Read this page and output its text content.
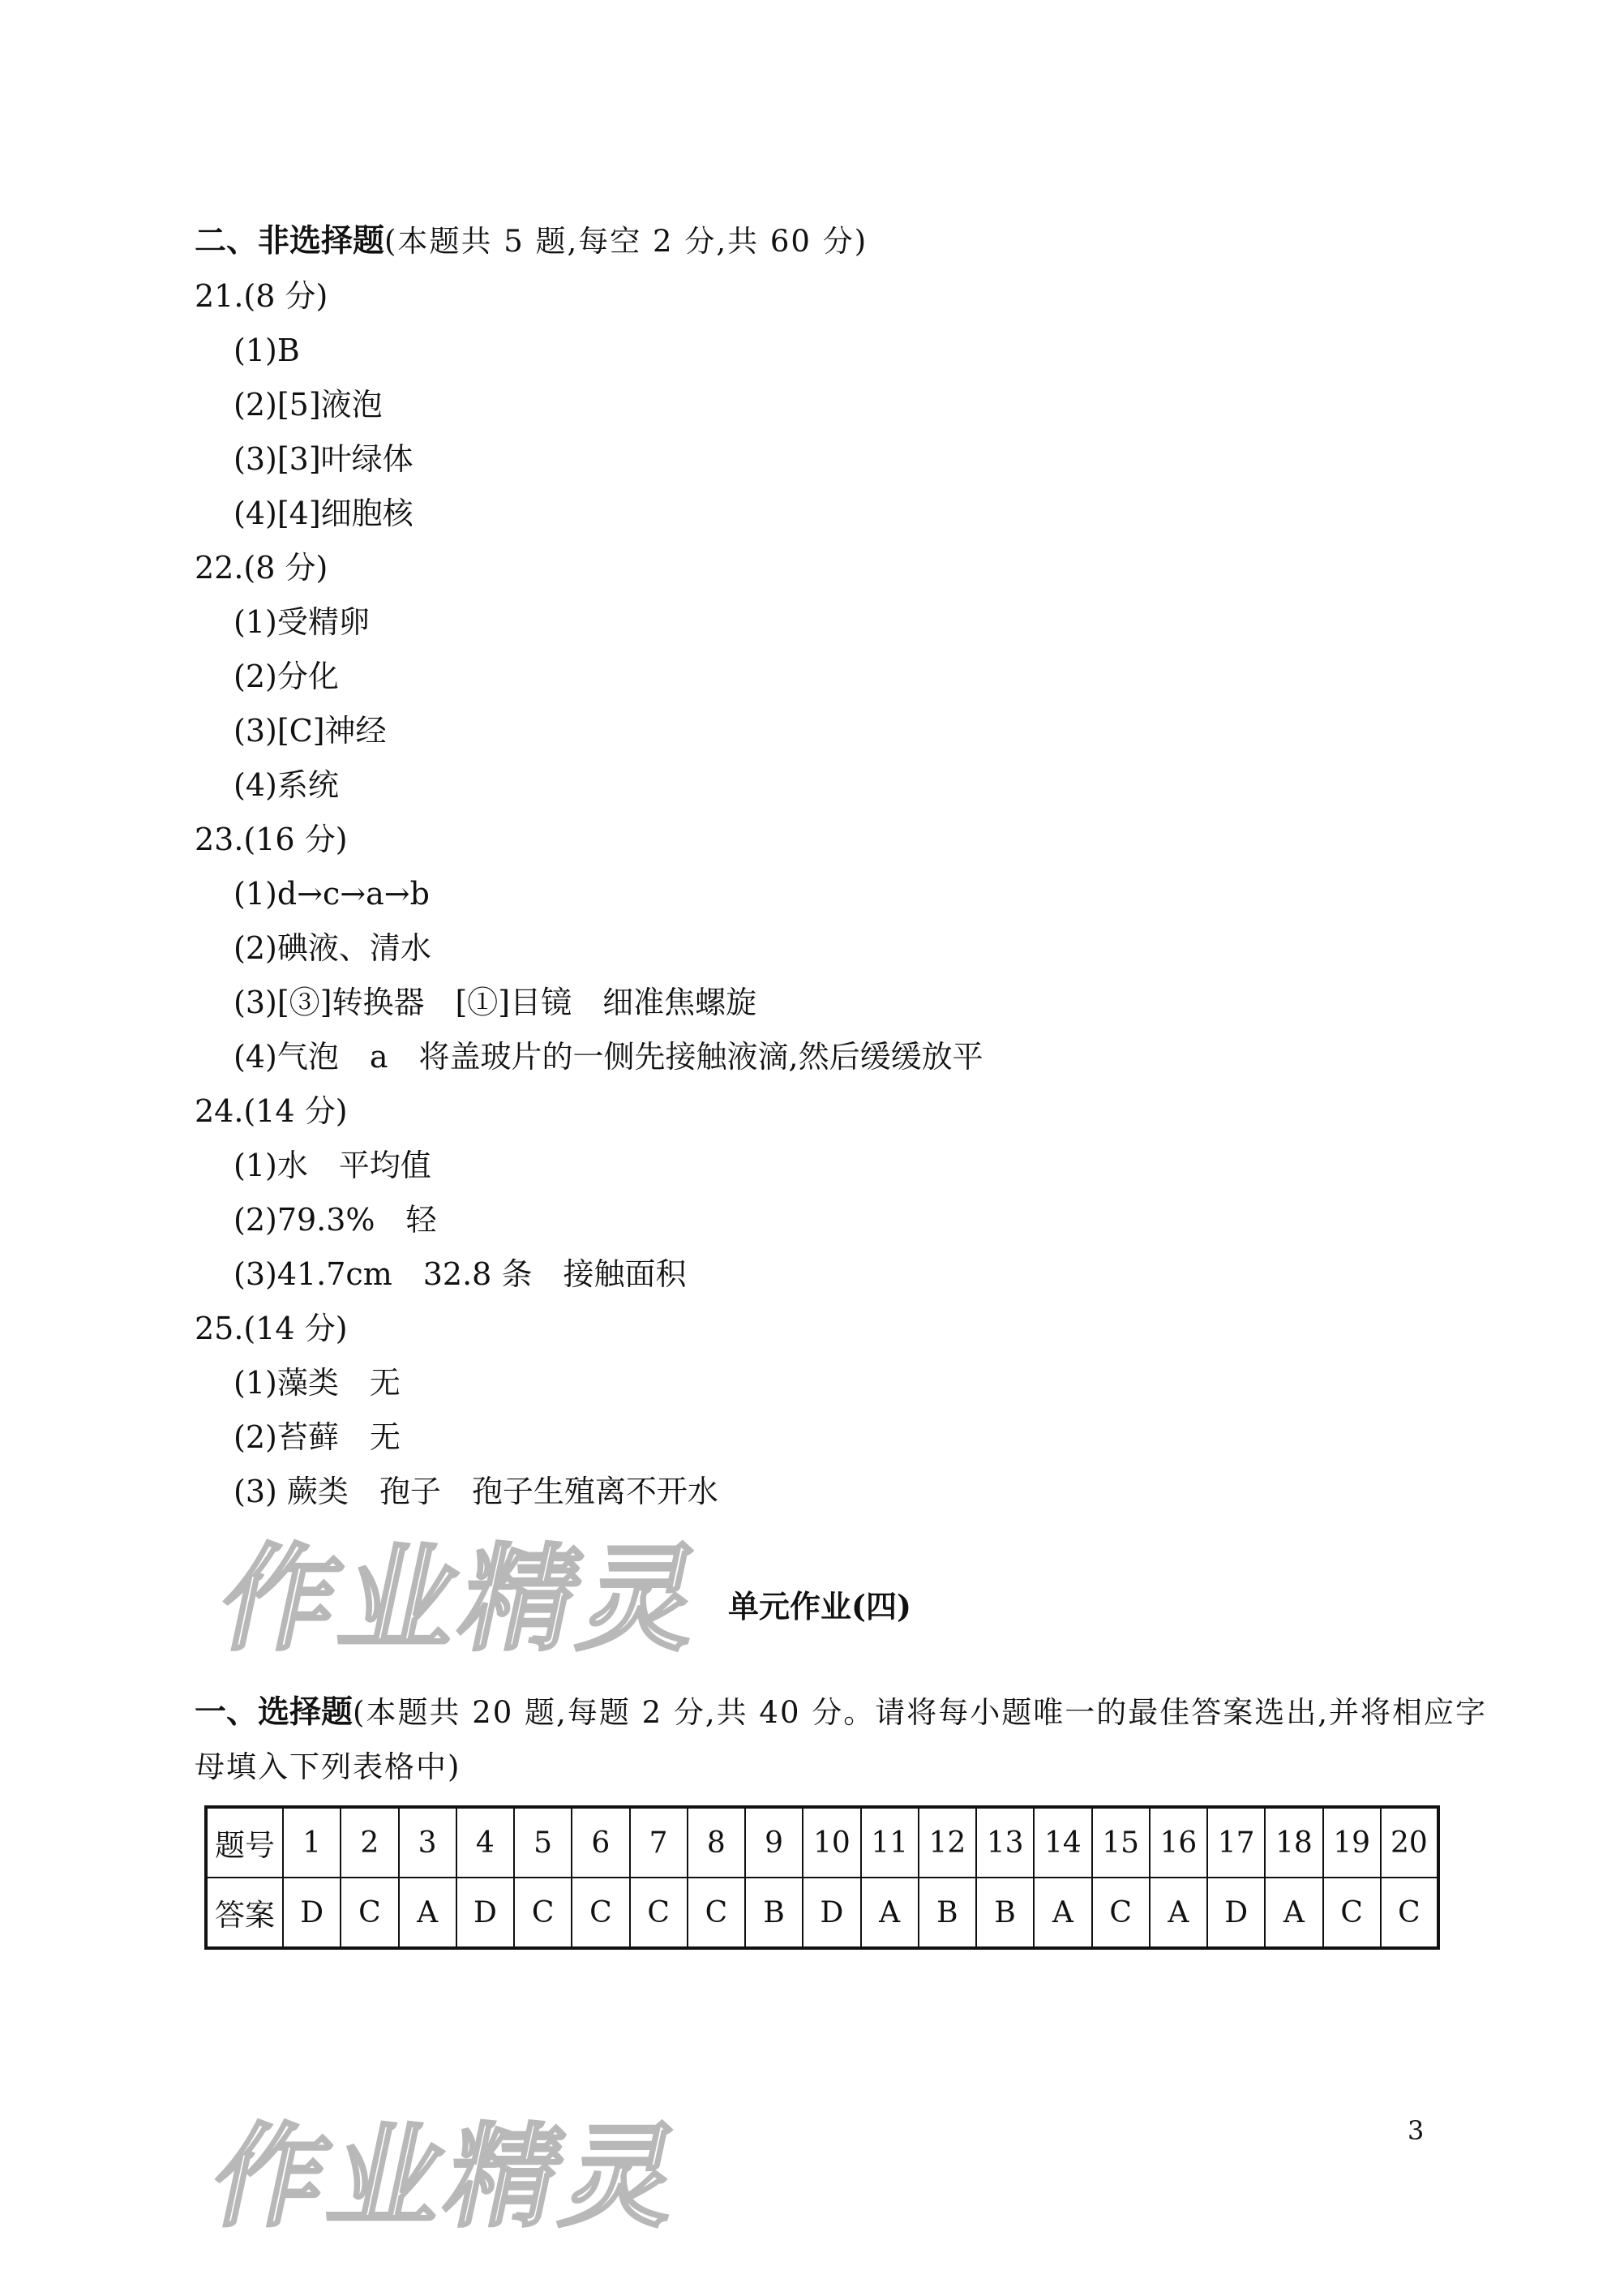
作业精灵
作业精灵
二、非选择题(本题共 5 题,每空 2 分,共 60 分)
21.(8 分)
(1)B
(2)[5]液泡
(3)[3]叶绿体
(4)[4]细胞核
22.(8 分)
(1)受精卵
(2)分化
(3)[C]神经
(4)系统
23.(16 分)
(1)d→c→a→b
(2)碘液、清水
(3)[③]转换器　[①]目镜　细准焦螺旋
(4)气泡　a　将盖玻片的一侧先接触液滴,然后缓缓放平
24.(14 分)
(1)水　平均值
(2)79.3%　轻
(3)41.7cm　32.8 条　接触面积
25.(14 分)
(1)藻类　无
(2)苔藓　无
(3) 蕨类　孢子　孢子生殖离不开水
单元作业(四)
一、选择题(本题共 20 题,每题 2 分,共 40 分。请将每小题唯一的最佳答案选出,并将相应字
母填入下列表格中)
题号	1	2	3	4	5	6	7	8	9	10	11	12	13	14	15	16	17	18	19	20
答案	D	C	A	D	C	C	C	C	B	D	A	B	B	A	C	A	D	A	C	C
3
